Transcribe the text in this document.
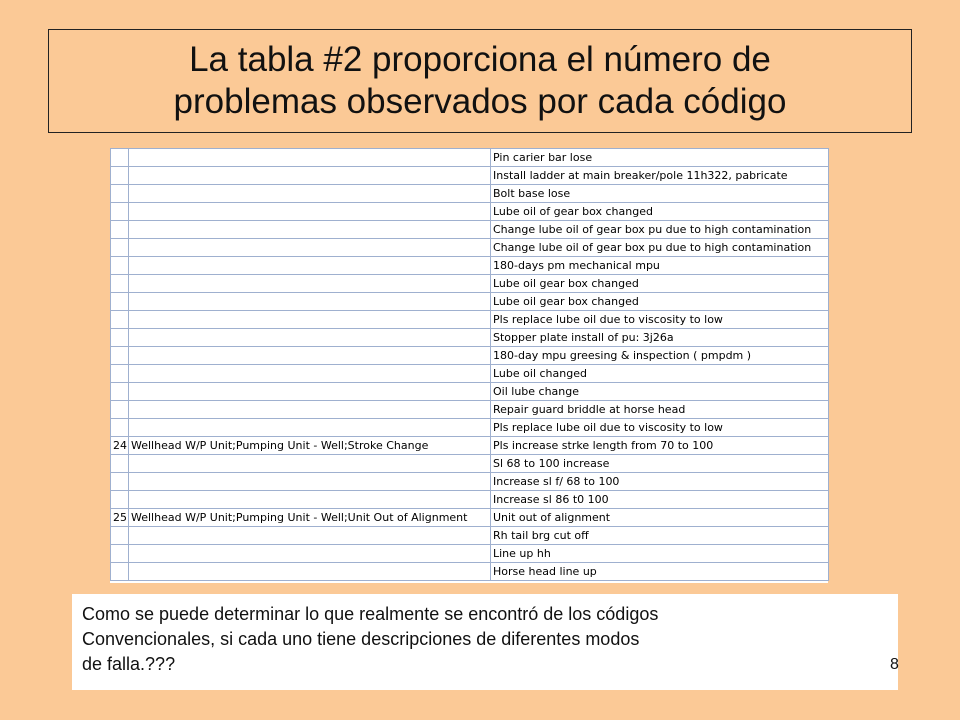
La tabla #2 proporciona el número de
problemas observados por cada código
		Pin carier bar lose
		Install ladder at main breaker/pole 11h322, pabricate
		Bolt base lose
		Lube oil of gear box changed
		Change lube oil of gear box pu due to high contamination
		Change lube oil of gear box pu due to high contamination
		180-days pm mechanical mpu
		Lube oil gear box changed
		Lube oil gear box changed
		Pls replace lube oil due to viscosity to low
		Stopper plate install of pu: 3j26a
		180-day mpu greesing & inspection ( pmpdm )
		Lube oil changed
		Oil lube change
		Repair guard briddle at horse head
		Pls replace lube oil due to viscosity to low
24	Wellhead W/P Unit;Pumping Unit - Well;Stroke Change	Pls increase strke length from 70 to 100
		Sl 68 to 100 increase
		Increase sl f/ 68 to 100
		Increase sl 86 t0 100
25	Wellhead W/P Unit;Pumping Unit - Well;Unit Out of Alignment	Unit out of alignment
		Rh tail brg cut off
		Line up hh
		Horse head line up
Como se puede determinar lo que realmente se encontró de los códigos
Convencionales, si cada uno tiene descripciones de diferentes modos
de falla.???	8
